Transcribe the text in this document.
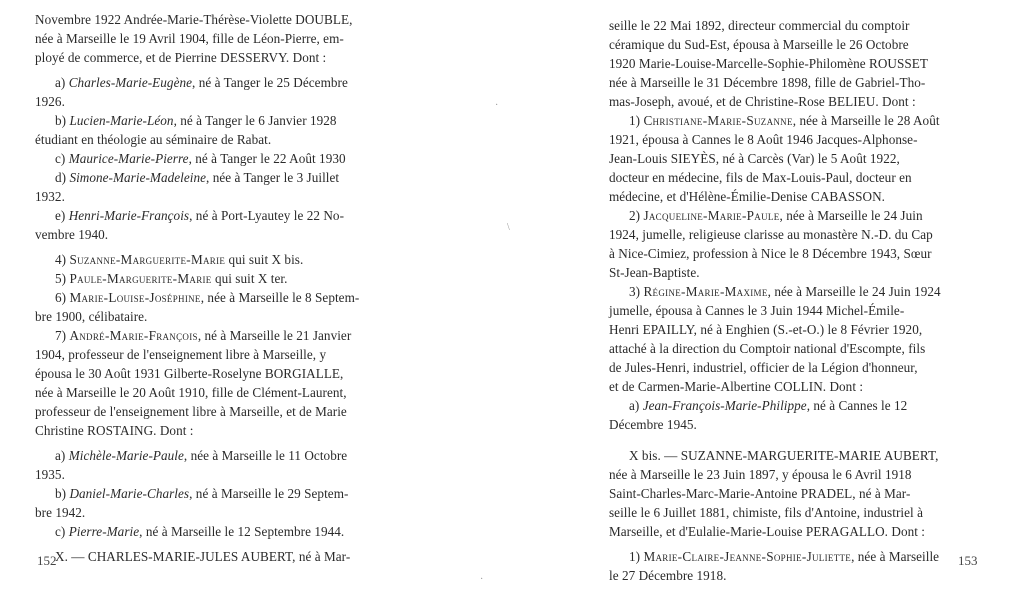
Novembre 1922 Andrée-Marie-Thérèse-Violette DOUBLE,
née à Marseille le 19 Avril 1904, fille de Léon-Pierre, em-
ployé de commerce, et de Pierrine DESSERVY. Dont :

a) Charles-Marie-Eugène, né à Tanger le 25 Décembre
1926.

b) Lucien-Marie-Léon, né à Tanger le 6 Janvier 1928
étudiant en théologie au séminaire de Rabat.

c) Maurice-Marie-Pierre, né à Tanger le 22 Août 1930

d) Simone-Marie-Madeleine, née à Tanger le 3 Juillet
1932.

e) Henri-Marie-François, né à Port-Lyautey le 22 No-
vembre 1940.

4) Suzanne-Marguerite-Marie qui suit X bis.

5) Paule-Marguerite-Marie qui suit X ter.

6) Marie-Louise-Joséphine, née à Marseille le 8 Septem-
bre 1900, célibataire.

7) André-Marie-François, né à Marseille le 21 Janvier
1904, professeur de l'enseignement libre à Marseille, y
épousa le 30 Août 1931 Gilberte-Roselyne BORGIALLE,
née à Marseille le 20 Août 1910, fille de Clément-Laurent,
professeur de l'enseignement libre à Marseille, et de Marie
Christine ROSTAING. Dont :

a) Michèle-Marie-Paule, née à Marseille le 11 Octobre
1935.

b) Daniel-Marie-Charles, né à Marseille le 29 Septem-
bre 1942.

c) Pierre-Marie, né à Marseille le 12 Septembre 1944.

X. — CHARLES-MARIE-JULES AUBERT, né à Mar-

152

seille le 22 Mai 1892, directeur commercial du comptoir
céramique du Sud-Est, épousa à Marseille le 26 Octobre
1920 Marie-Louise-Marcelle-Sophie-Philomène ROUSSET
née à Marseille le 31 Décembre 1898, fille de Gabriel-Tho-
mas-Joseph, avoué, et de Christine-Rose BELIEU. Dont :

1) Christiane-Marie-Suzanne, née à Marseille le 28 Août
1921, épousa à Cannes le 8 Août 1946 Jacques-Alphonse-
Jean-Louis SIEYÈS, né à Carcès (Var) le 5 Août 1922,
docteur en médecine, fils de Max-Louis-Paul, docteur en
médecine, et d'Hélène-Émilie-Denise CABASSON.

2) Jacqueline-Marie-Paule, née à Marseille le 24 Juin
1924, jumelle, religieuse clarisse au monastère N.-D. du Cap
à Nice-Cimiez, profession à Nice le 8 Décembre 1943, Sœur
St-Jean-Baptiste.

3) Régine-Marie-Maxime, née à Marseille le 24 Juin 1924
jumelle, épousa à Cannes le 3 Juin 1944 Michel-Émile-
Henri EPAILLY, né à Enghien (S.-et-O.) le 8 Février 1920,
attaché à la direction du Comptoir national d'Escompte, fils
de Jules-Henri, industriel, officier de la Légion d'honneur,
et de Carmen-Marie-Albertine COLLIN. Dont :

a) Jean-François-Marie-Philippe, né à Cannes le 12
Décembre 1945.

X bis. — SUZANNE-MARGUERITE-MARIE AUBERT,
née à Marseille le 23 Juin 1897, y épousa le 6 Avril 1918
Saint-Charles-Marc-Marie-Antoine PRADEL, né à Mar-
seille le 6 Juillet 1881, chimiste, fils d'Antoine, industriel à
Marseille, et d'Eulalie-Marie-Louise PERAGALLO. Dont :

1) Marie-Claire-Jeanne-Sophie-Juliette, née à Marseille
le 27 Décembre 1918.

153
\
·
·
